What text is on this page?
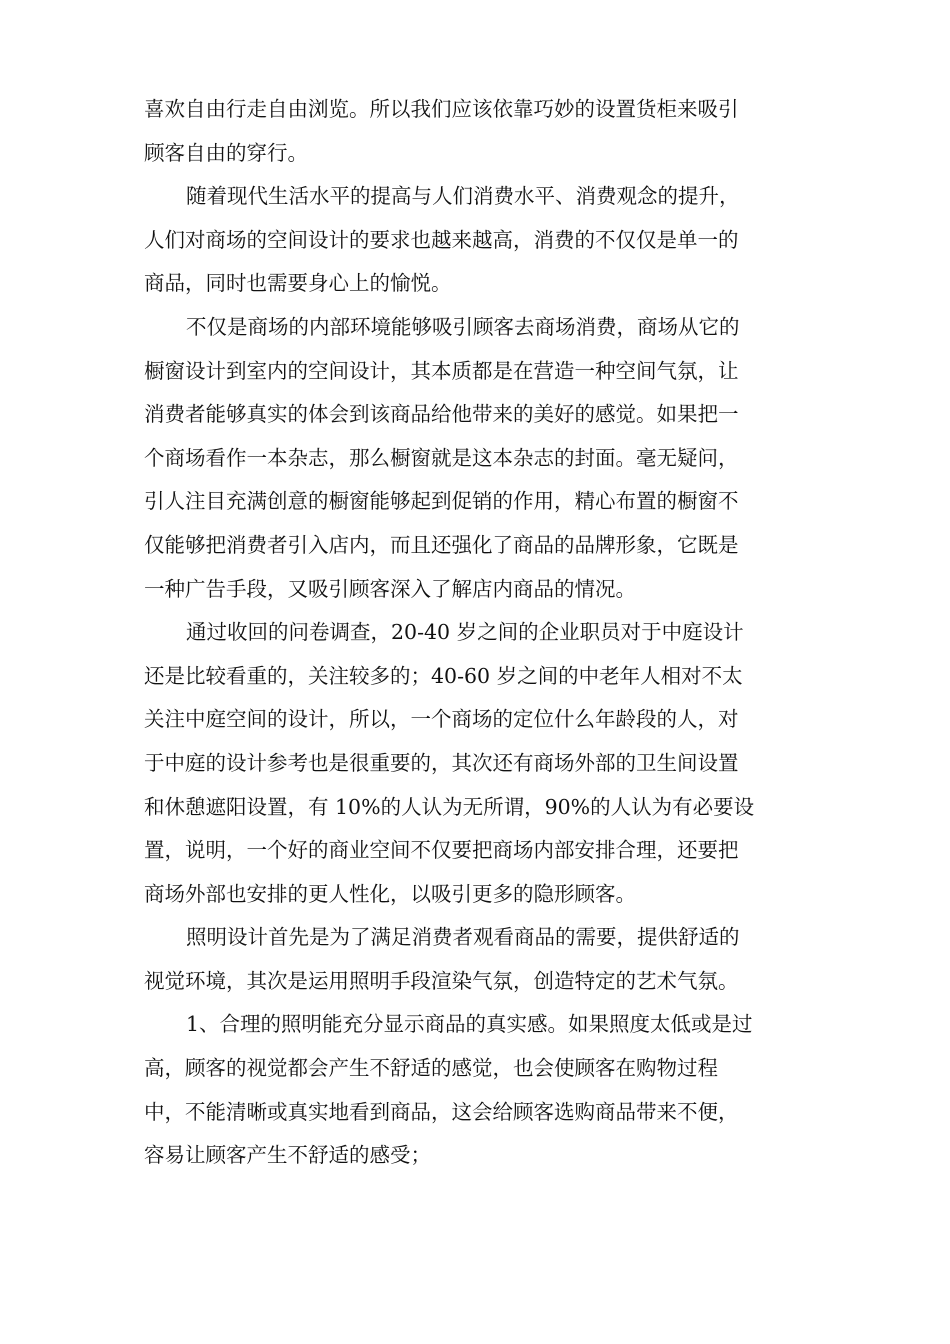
喜欢自由行走自由浏览。所以我们应该依靠巧妙的设置货柜来吸引
顾客自由的穿行。
随着现代生活水平的提高与人们消费水平、消费观念的提升，
人们对商场的空间设计的要求也越来越高，消费的不仅仅是单一的
商品，同时也需要身心上的愉悦。
不仅是商场的内部环境能够吸引顾客去商场消费，商场从它的
橱窗设计到室内的空间设计，其本质都是在营造一种空间气氛，让
消费者能够真实的体会到该商品给他带来的美好的感觉。如果把一
个商场看作一本杂志，那么橱窗就是这本杂志的封面。毫无疑问，
引人注目充满创意的橱窗能够起到促销的作用，精心布置的橱窗不
仅能够把消费者引入店内，而且还强化了商品的品牌形象，它既是
一种广告手段，又吸引顾客深入了解店内商品的情况。
通过收回的问卷调查，20-40 岁之间的企业职员对于中庭设计
还是比较看重的，关注较多的；40-60 岁之间的中老年人相对不太
关注中庭空间的设计，所以，一个商场的定位什么年龄段的人，对
于中庭的设计参考也是很重要的，其次还有商场外部的卫生间设置
和休憩遮阳设置，有 10%的人认为无所谓，90%的人认为有必要设
置，说明，一个好的商业空间不仅要把商场内部安排合理，还要把
商场外部也安排的更人性化，以吸引更多的隐形顾客。
照明设计首先是为了满足消费者观看商品的需要，提供舒适的
视觉环境，其次是运用照明手段渲染气氛，创造特定的艺术气氛。
1、合理的照明能充分显示商品的真实感。如果照度太低或是过
高，顾客的视觉都会产生不舒适的感觉，也会使顾客在购物过程
中，不能清晰或真实地看到商品，这会给顾客选购商品带来不便，
容易让顾客产生不舒适的感受；
